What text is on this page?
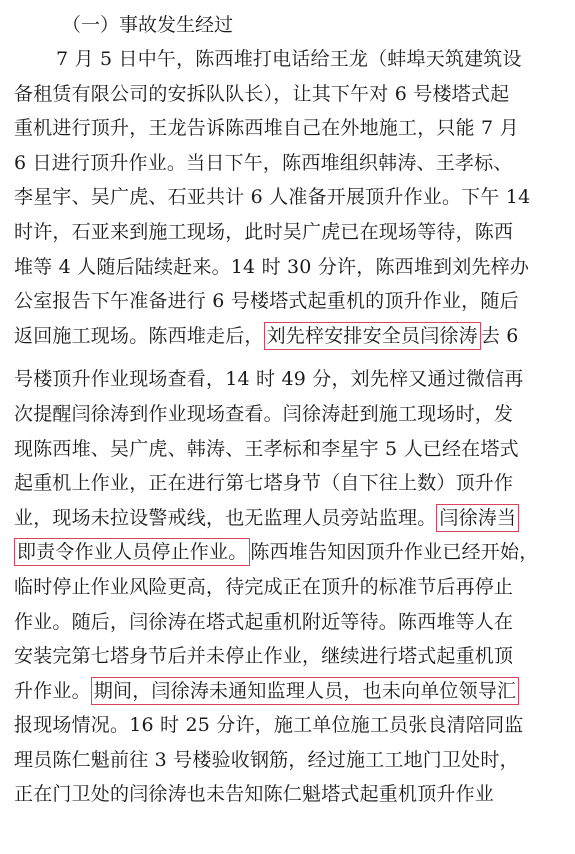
（一）事故发生经过
7 月 5 日中午，陈西堆打电话给王龙（蚌埠天筑建筑设
备租赁有限公司的安拆队队长），让其下午对 6 号楼塔式起
重机进行顶升，王龙告诉陈西堆自己在外地施工，只能 7 月
6 日进行顶升作业。当日下午，陈西堆组织韩涛、王孝标、
李星宇、吴广虎、石亚共计 6 人准备开展顶升作业。下午 14
时许，石亚来到施工现场，此时吴广虎已在现场等待，陈西
堆等 4 人随后陆续赶来。14 时 30 分许，陈西堆到刘先梓办
公室报告下午准备进行 6 号楼塔式起重机的顶升作业，随后
返回施工现场。陈西堆走后， 刘先梓安排安全员闫徐涛 去 6
号楼顶升作业现场查看，14 时 49 分，刘先梓又通过微信再
次提醒闫徐涛到作业现场查看。闫徐涛赶到施工现场时，发
现陈西堆、吴广虎、韩涛、王孝标和李星宇 5 人已经在塔式
起重机上作业，正在进行第七塔身节（自下往上数）顶升作
业，现场未拉设警戒线，也无监理人员旁站监理。 闫徐涛当
即责令作业人员停止作业。 陈西堆告知因顶升作业已经开始，
临时停止作业风险更高，待完成正在顶升的标准节后再停止
作业。随后，闫徐涛在塔式起重机附近等待。陈西堆等人在
安装完第七塔身节后并未停止作业，继续进行塔式起重机顶
升作业。 期间，闫徐涛未通知监理人员，也未向单位领导汇
报现场情况。16 时 25 分许，施工单位施工员张良清陪同监
理员陈仁魁前往 3 号楼验收钢筋，经过施工工地门卫处时，
正在门卫处的闫徐涛也未告知陈仁魁塔式起重机顶升作业
